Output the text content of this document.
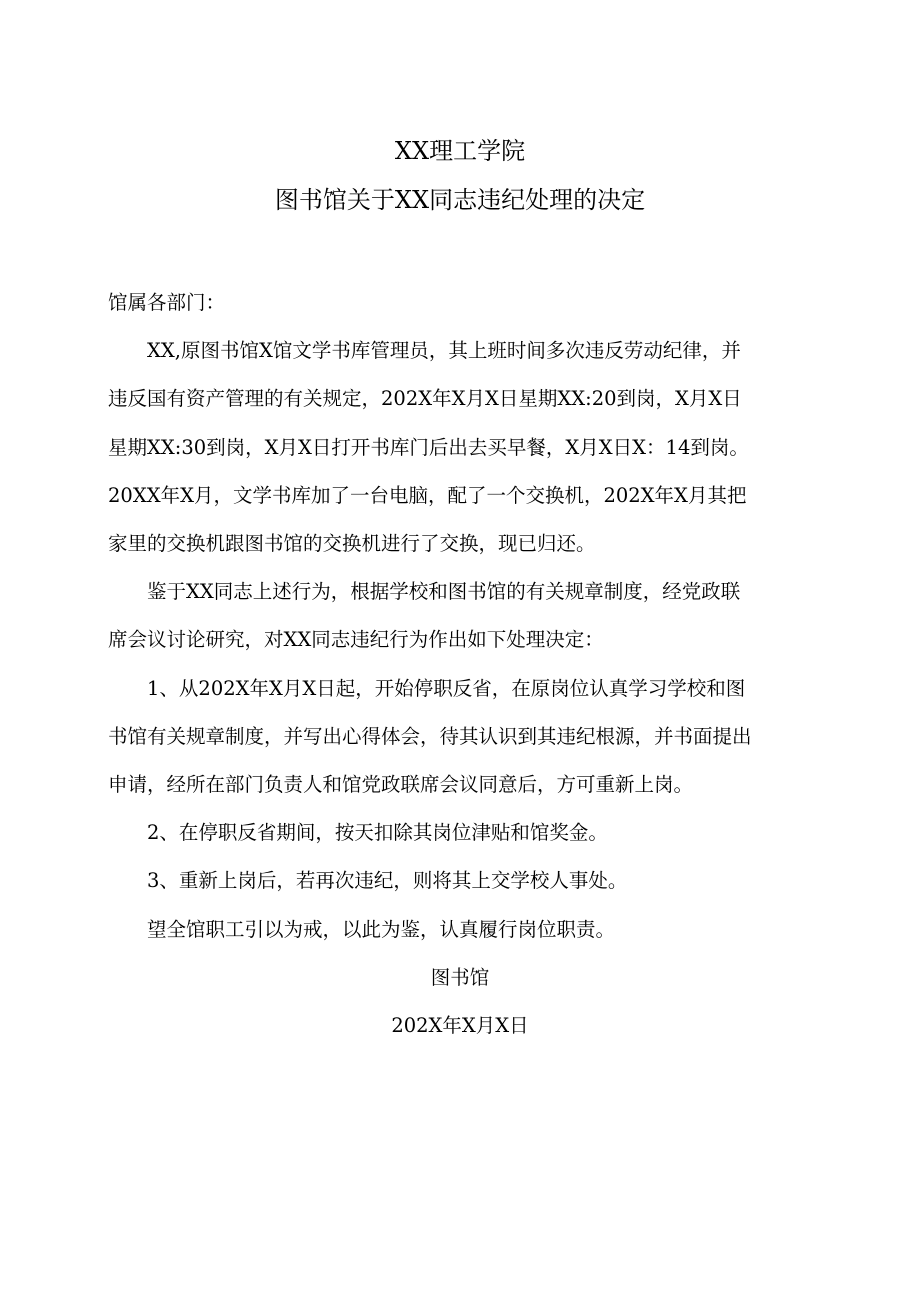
XX理工学院
图书馆关于XX同志违纪处理的决定

馆属各部门：

XX,原图书馆X馆文学书库管理员，其上班时间多次违反劳动纪律，并
违反国有资产管理的有关规定，202X年X月X日星期XX:20到岗，X月X日
星期XX:30到岗，X月X日打开书库门后出去买早餐，X月X日X：14到岗。
20XX年X月，文学书库加了一台电脑，配了一个交换机，202X年X月其把
家里的交换机跟图书馆的交换机进行了交换，现已归还。

鉴于XX同志上述行为，根据学校和图书馆的有关规章制度，经党政联
席会议讨论研究，对XX同志违纪行为作出如下处理决定：

1、从202X年X月X日起，开始停职反省，在原岗位认真学习学校和图
书馆有关规章制度，并写出心得体会，待其认识到其违纪根源，并书面提出
申请，经所在部门负责人和馆党政联席会议同意后，方可重新上岗。

2、在停职反省期间，按天扣除其岗位津贴和馆奖金。

3、重新上岗后，若再次违纪，则将其上交学校人事处。

望全馆职工引以为戒，以此为鉴，认真履行岗位职责。

图书馆

202X年X月X日
